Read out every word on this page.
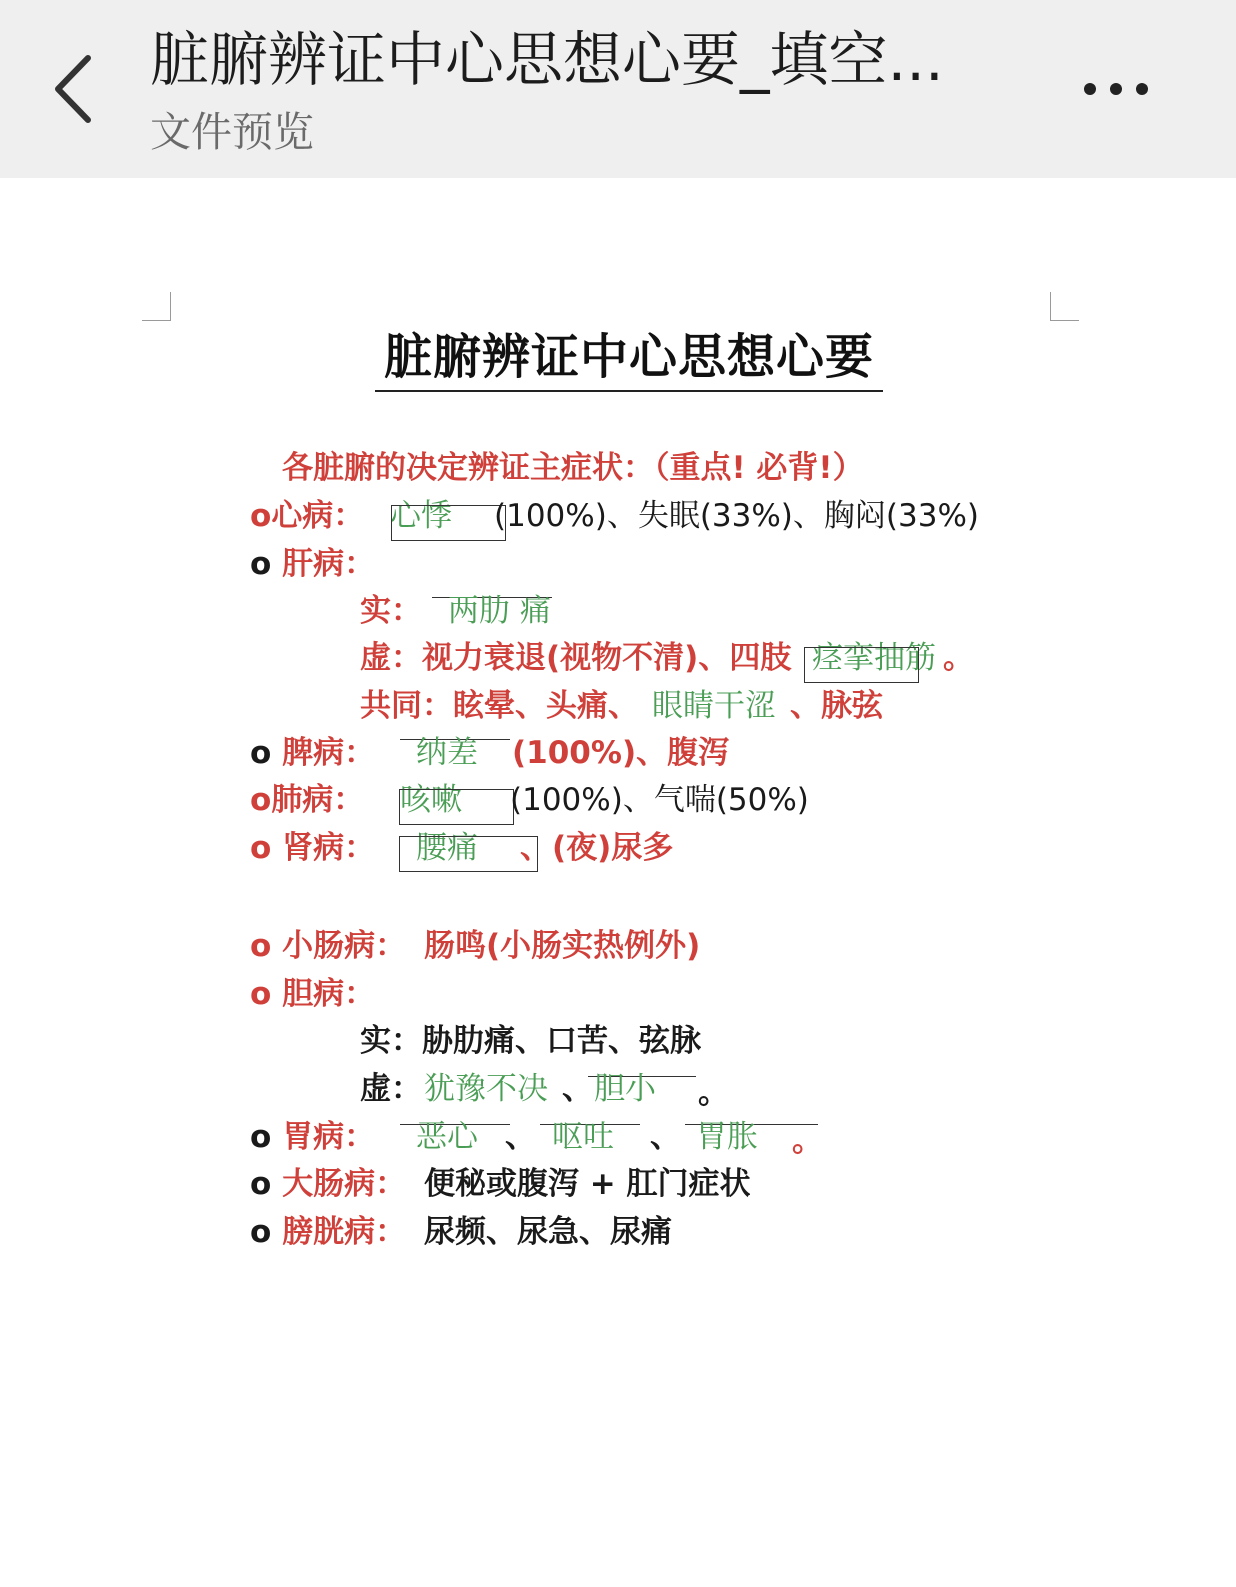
脏腑辨证中心思想心要_填空...
文件预览
脏腑辨证中心思想心要
各脏腑的决定辨证主症状：（重点! 必背!）
o心病： 心悸 (100%)、失眠(33%)、胸闷(33%)
o 肝病：
实： 两肋 痛
虚：视力衰退(视物不清)、四肢 痉挛抽筋 。
共同：眩晕、头痛、 眼睛干涩 、脉弦
o 脾病： 纳差 (100%)、腹泻
o肺病： 咳嗽 (100%)、气喘(50%)
o 肾病： 腰痛 、 (夜)尿多
o 小肠病： 肠鸣(小肠实热例外)
o 胆病：
实：胁肋痛、口苦、弦脉
虚： 犹豫不决 、 胆小 。
o 胃病： 恶心 、 呕吐 、 胃胀 。
o 大肠病： 便秘或腹泻 + 肛门症状
o 膀胱病： 尿频、尿急、尿痛
